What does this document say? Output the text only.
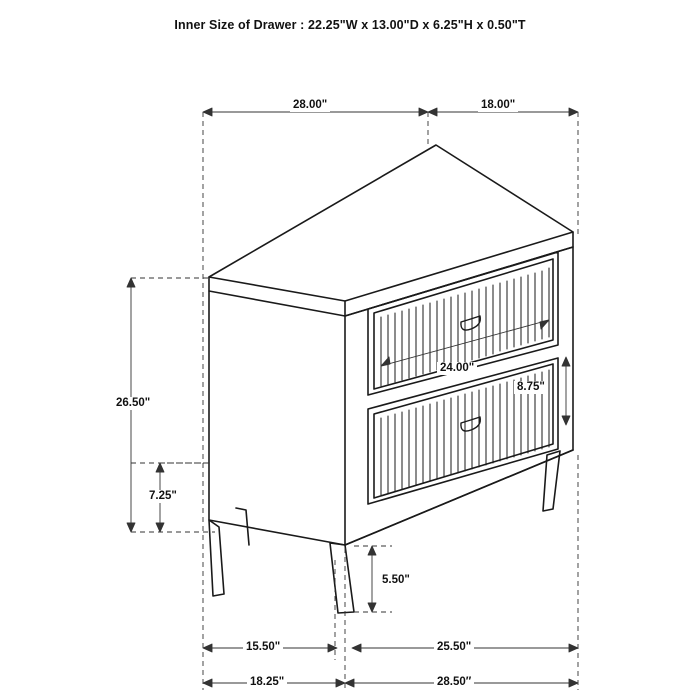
Inner Size of Drawer : 22.25"W x 13.00"D x 6.25"H x 0.50"T
28.00"	18.00"
26.50"
7.25"
24.00"
8.75"
5.50"
15.50"	25.50"
18.25"	28.50″
